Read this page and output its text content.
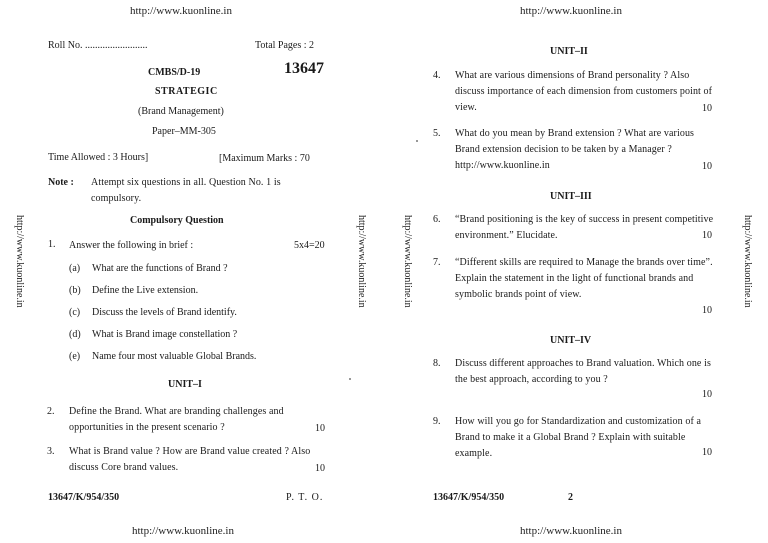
http://www.kuonline.in	http://www.kuonline.in
http://www.kuonline.in	http://www.kuonline.in
http://www.kuonline.in	http://www.kuonline.in	http://www.kuonline.in	http://www.kuonline.in
Roll No. .........................	Total Pages : 2
CMBS/D-19	13647
STRATEGIC
(Brand Management)
Paper–MM-305
Time Allowed : 3 Hours]	[Maximum Marks : 70
Note : Attempt six questions in all. Question No. 1 is compulsory.
Compulsory Question
1. Answer the following in brief :	5x4=20
(a) What are the functions of Brand ?
(b) Define the Live extension.
(c) Discuss the levels of Brand identify.
(d) What is Brand image constellation ?
(e) Name four most valuable Global Brands.
UNIT–I
2. Define the Brand. What are branding challenges and opportunities in the present scenario ?	10
3. What is Brand value ? How are Brand value created ? Also discuss Core brand values.	10
13647/K/954/350	P. T. O.
UNIT–II
4. What are various dimensions of Brand personality ? Also discuss importance of each dimension from customers point of view.	10
5. What do you mean by Brand extension ? What are various Brand extension decision to be taken by a Manager ? http://www.kuonline.in	10
UNIT–III
6. “Brand positioning is the key of success in present competitive environment.” Elucidate.	10
7. “Different skills are required to Manage the brands over time”. Explain the statement in the light of functional brands and symbolic brands point of view.
10
UNIT–IV
8. Discuss different approaches to Brand valuation. Which one is the best approach, according to you ?
10
9. How will you go for Standardization and customization of a Brand to make it a Global Brand ? Explain with suitable example.	10
13647/K/954/350	2
